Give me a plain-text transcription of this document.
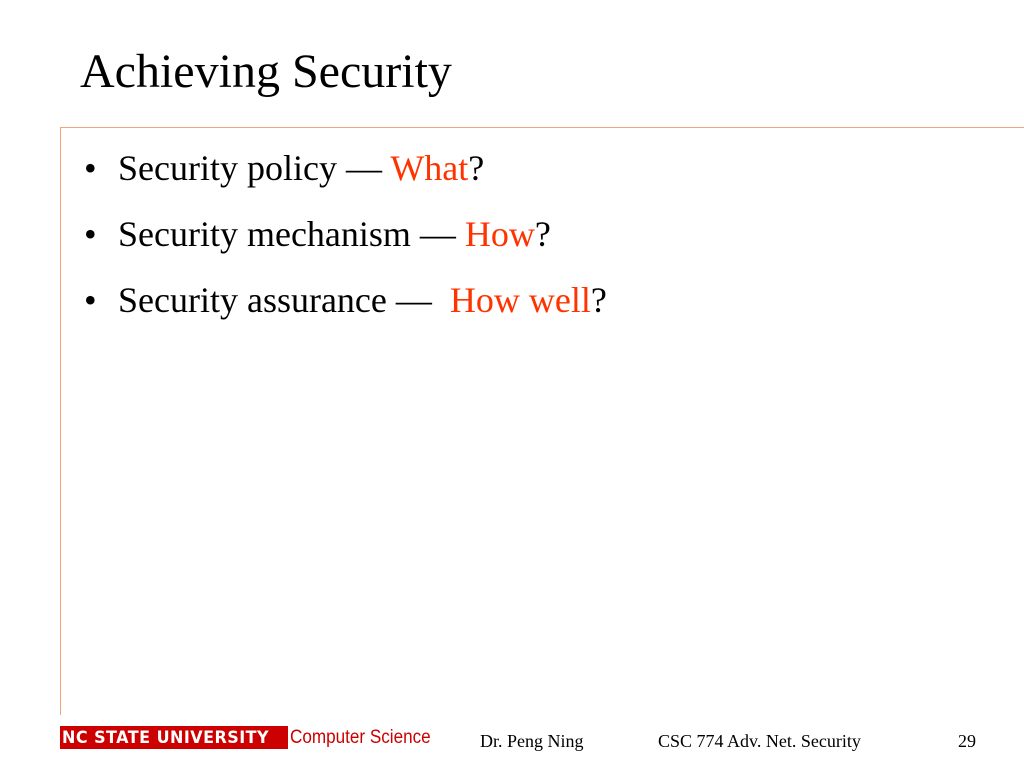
Achieving Security
• Security policy — What?
• Security mechanism — How?
• Security assurance —  How well?
NC STATE UNIVERSITY Computer Science	Dr. Peng Ning	CSC 774 Adv. Net. Security	29
